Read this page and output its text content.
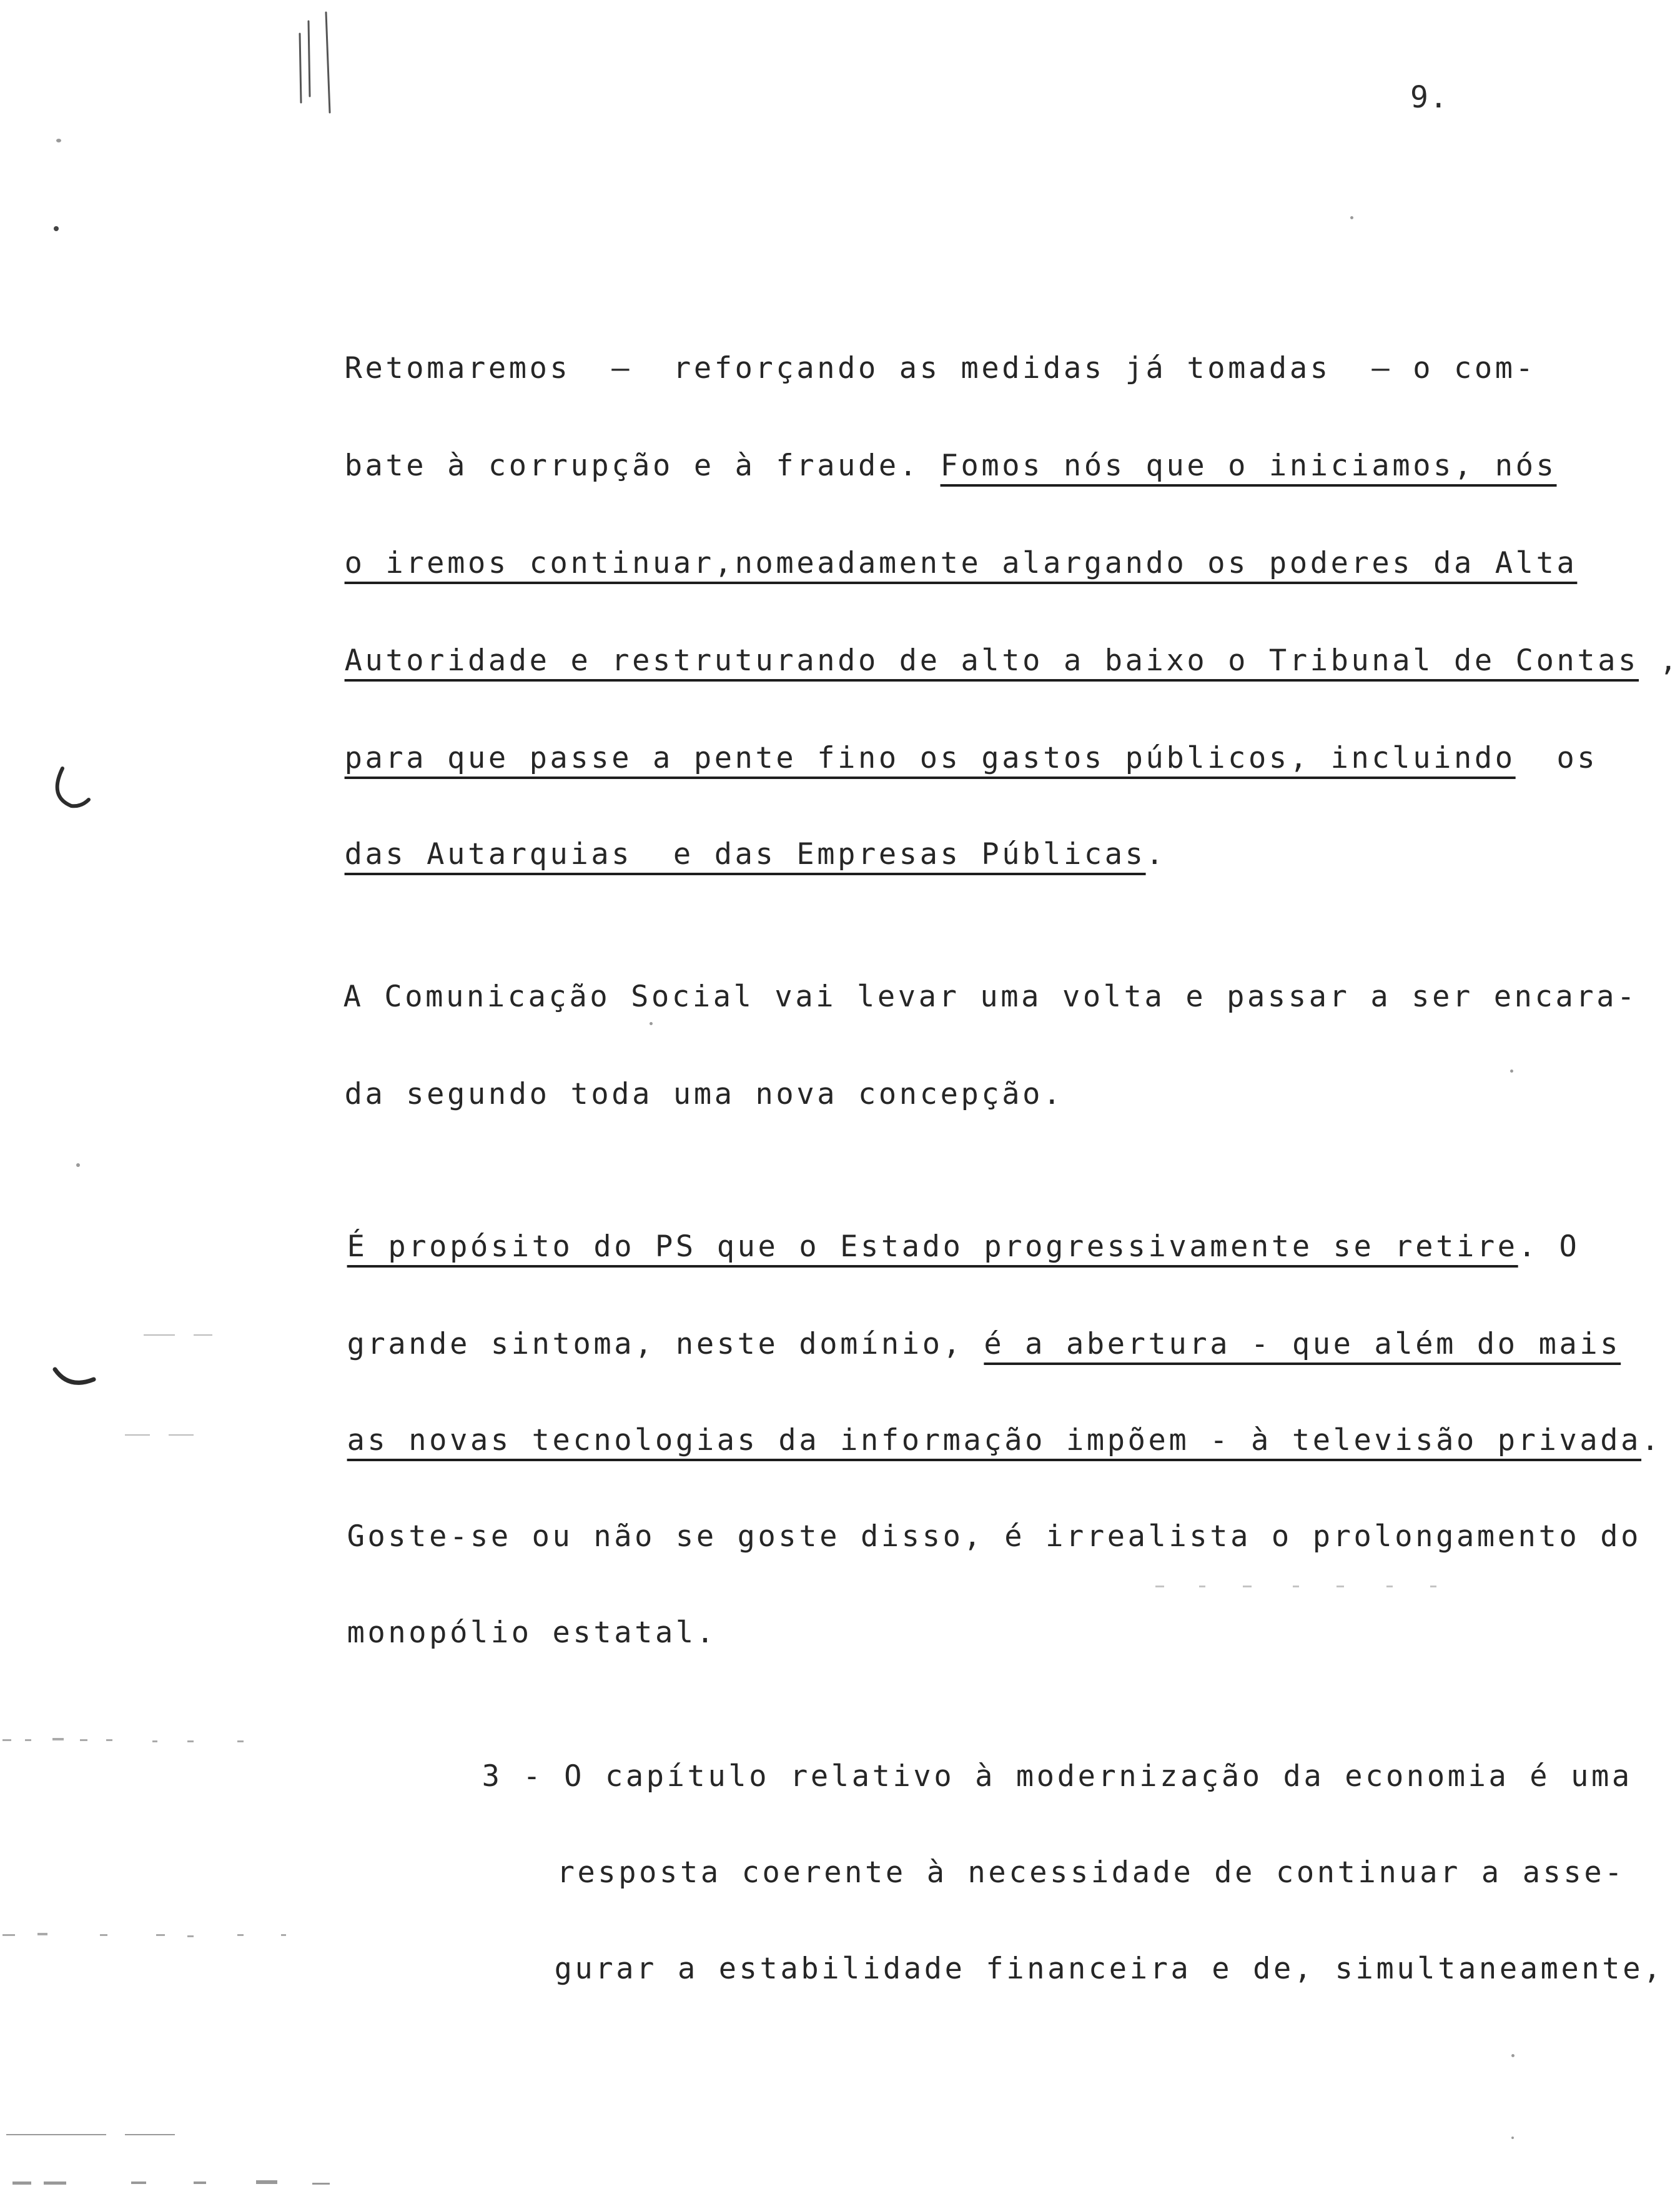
9.

Retomaremos  —  reforçando as medidas já tomadas  — o com-

bate à corrupção e à fraude. Fomos nós que o iniciamos, nós

o iremos continuar,nomeadamente alargando os poderes da Alta

Autoridade e restruturando de alto a baixo o Tribunal de Contas ,

para que passe a pente fino os gastos públicos, incluindo  os

das Autarquias  e das Empresas Públicas.

A Comunicação Social vai levar uma volta e passar a ser encara-

da segundo toda uma nova concepção.

É propósito do PS que o Estado progressivamente se retire. O

grande sintoma, neste domínio, é a abertura - que além do mais

as novas tecnologias da informação impõem - à televisão privada.

Goste-se ou não se goste disso, é irrealista o prolongamento do

monopólio estatal.

3 - O capítulo relativo à modernização da economia é uma

resposta coerente à necessidade de continuar a asse-

gurar a estabilidade financeira e de, simultaneamente,
